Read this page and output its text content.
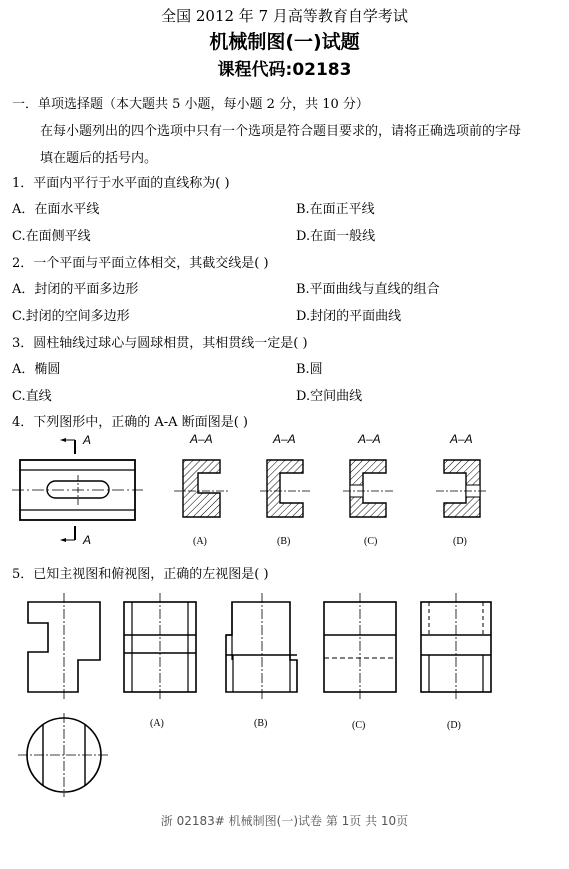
全国 2012 年 7 月高等教育自学考试
机械制图(一)试题
课程代码:02183
一．单项选择题（本大题共 5 小题，每小题 2 分，共 10 分）
在每小题列出的四个选项中只有一个选项是符合题目要求的，请将正确选项前的字母
填在题后的括号内。
1．平面内平行于水平面的直线称为( )
A．在面水平线	B.在面正平线
C.在面侧平线	D.在面一般线
2．一个平面与平面立体相交，其截交线是( )
A．封闭的平面多边形	B.平面曲线与直线的组合
C.封闭的空间多边形	D.封闭的平面曲线
3．圆柱轴线过球心与圆球相贯，其相贯线一定是( )
A．椭圆	B.圆
C.直线	D.空间曲线
4．下列图形中，正确的 A-A 断面图是( )
A
A
A–A	A–A	A–A	A–A
(A)	(B)	(C)	(D)
5．已知主视图和俯视图，正确的左视图是( )
(A)	(B)	(C)	(D)
浙 02183# 机械制图(一)试卷 第 1页 共 10页
